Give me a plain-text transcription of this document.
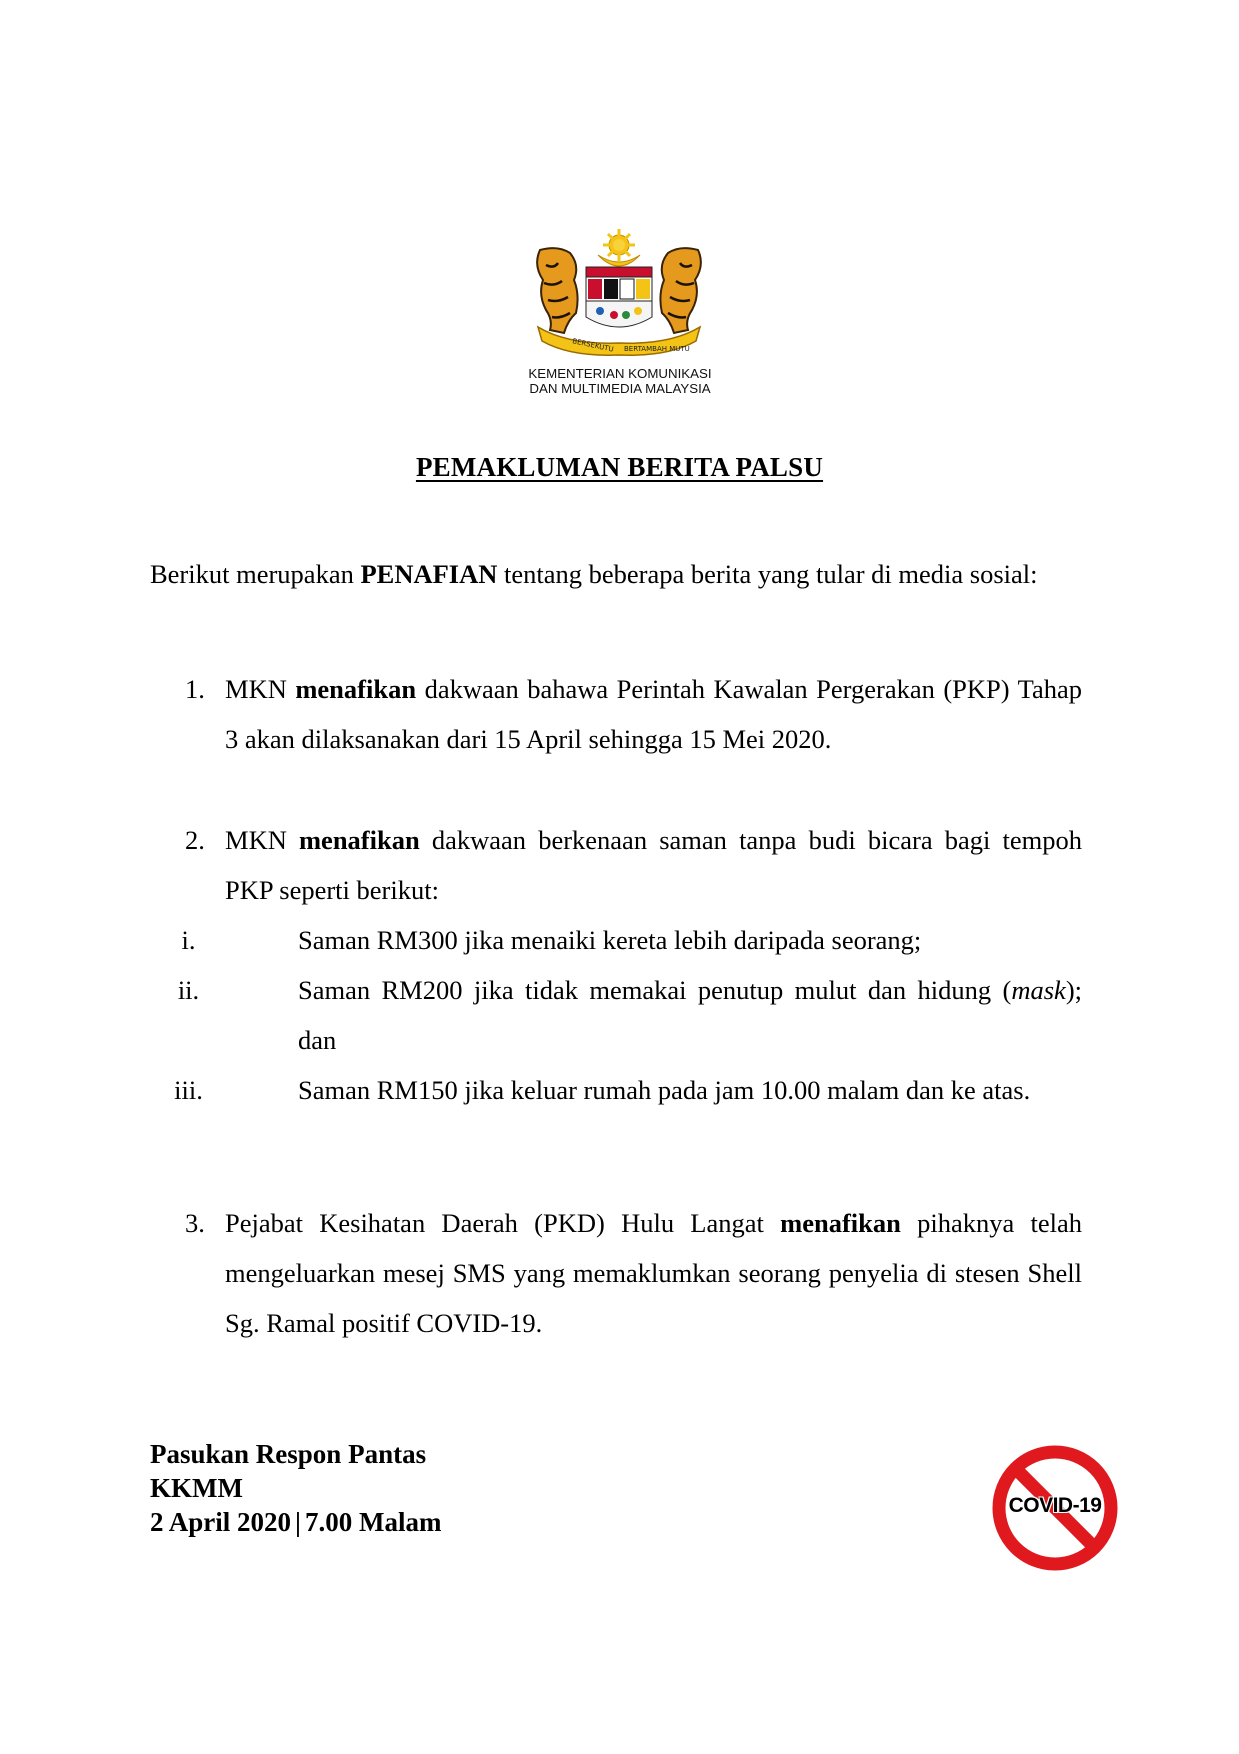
BERSEKUTU BERTAMBAH MUTU
KEMENTERIAN KOMUNIKASI
DAN MULTIMEDIA MALAYSIA
PEMAKLUMAN BERITA PALSU
Berikut merupakan PENAFIAN tentang beberapa berita yang tular di media sosial:
1. MKN menafikan dakwaan bahawa Perintah Kawalan Pergerakan (PKP) Tahap 3 akan dilaksanakan dari 15 April sehingga 15 Mei 2020.
2. MKN menafikan dakwaan berkenaan saman tanpa budi bicara bagi tempoh PKP seperti berikut:
i.	Saman RM300 jika menaiki kereta lebih daripada seorang;
ii.	Saman RM200 jika tidak memakai penutup mulut dan hidung (mask); dan
iii.	Saman RM150 jika keluar rumah pada jam 10.00 malam dan ke atas.
3. Pejabat Kesihatan Daerah (PKD) Hulu Langat menafikan pihaknya telah mengeluarkan mesej SMS yang memaklumkan seorang penyelia di stesen Shell Sg. Ramal positif COVID-19.
Pasukan Respon Pantas
KKMM
2 April 2020 | 7.00 Malam
COVID-19
